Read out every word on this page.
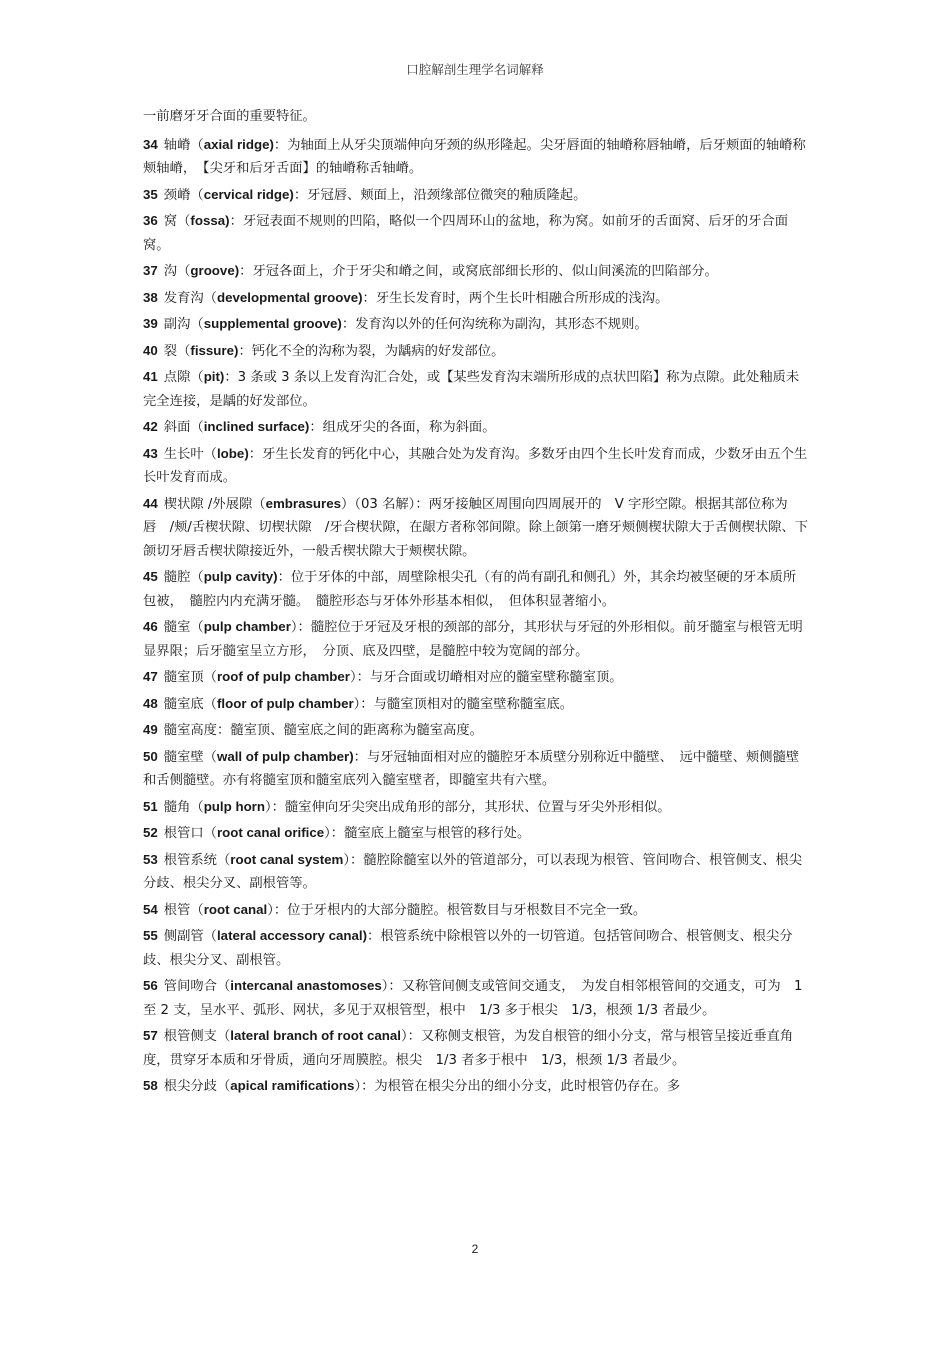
口腔解剖生理学名词解释
一前磨牙牙合面的重要特征。
34 轴嵴（axial ridge)：为轴面上从牙尖顶端伸向牙颈的纵形隆起。尖牙唇面的轴嵴称唇轴嵴，后牙颊面的轴嵴称颊轴嵴，　【尖牙和后牙舌面】的轴嵴称舌轴嵴。
35 颈嵴（cervical ridge)：牙冠唇、颊面上，沿颈缘部位微突的釉质隆起。
36 窝（fossa)：牙冠表面不规则的凹陷，略似一个四周环山的盆地，称为窝。如前牙的舌面窝、后牙的牙合面窝。
37 沟（groove)：牙冠各面上，介于牙尖和嵴之间，或窝底部细长形的、似山间溪流的凹陷部分。
38 发育沟（developmental groove)：牙生长发育时，两个生长叶相融合所形成的浅沟。
39 副沟（supplemental groove)：发育沟以外的任何沟统称为副沟，其形态不规则。
40 裂（fissure)：钙化不全的沟称为裂，为龋病的好发部位。
41 点隙（pit)：3 条或 3 条以上发育沟汇合处，或【某些发育沟末端所形成的点状凹陷】称为点隙。此处釉质未完全连接，是龋的好发部位。
42 斜面（inclined surface)：组成牙尖的各面，称为斜面。
43 生长叶（lobe)：牙生长发育的钙化中心，其融合处为发育沟。多数牙由四个生长叶发育而成，少数牙由五个生长叶发育而成。
44 楔状隙 /外展隙（embrasures）（03 名解）：两牙接触区周围向四周展开的　V 字形空隙。根据其部位称为唇　/颊/舌楔状隙、切楔状隙　/牙合楔状隙，在龈方者称邻间隙。除上颌第一磨牙颊侧楔状隙大于舌侧楔状隙、下颌切牙唇舌楔状隙接近外，一般舌楔状隙大于颊楔状隙。
45 髓腔（pulp cavity)：位于牙体的中部，周壁除根尖孔（有的尚有副孔和侧孔）外，其余均被坚硬的牙本质所包被，　髓腔内内充满牙髓。　髓腔形态与牙体外形基本相似，　但体积显著缩小。
46 髓室（pulp chamber）：髓腔位于牙冠及牙根的颈部的部分，其形状与牙冠的外形相似。前牙髓室与根管无明显界限；后牙髓室呈立方形，　分顶、底及四壁，是髓腔中较为宽阔的部分。
47 髓室顶（roof of pulp chamber）：与牙合面或切嵴相对应的髓室壁称髓室顶。
48 髓室底（floor of pulp chamber）：与髓室顶相对的髓室壁称髓室底。
49 髓室高度：髓室顶、髓室底之间的距离称为髓室高度。
50 髓室壁（wall of pulp chamber)：与牙冠轴面相对应的髓腔牙本质壁分别称近中髓壁、　远中髓壁、颊侧髓壁和舌侧髓壁。亦有将髓室顶和髓室底列入髓室壁者，即髓室共有六壁。
51 髓角（pulp horn）：髓室伸向牙尖突出成角形的部分，其形状、位置与牙尖外形相似。
52 根管口（root canal orifice）：髓室底上髓室与根管的移行处。
53 根管系统（root canal system）：髓腔除髓室以外的管道部分，可以表现为根管、管间吻合、根管侧支、根尖分歧、根尖分叉、副根管等。
54 根管（root canal）：位于牙根内的大部分髓腔。根管数目与牙根数目不完全一致。
55 侧副管（lateral accessory canal)：根管系统中除根管以外的一切管道。包括管间吻合、根管侧支、根尖分歧、根尖分叉、副根管。
56 管间吻合（intercanal anastomoses）：又称管间侧支或管间交通支，　为发自相邻根管间的交通支，可为　1 至 2 支，呈水平、弧形、网状，多见于双根管型，根中　1/3 多于根尖　1/3，根颈 1/3 者最少。
57 根管侧支（lateral branch of root canal）：又称侧支根管，为发自根管的细小分支，常与根管呈接近垂直角度，贯穿牙本质和牙骨质，通向牙周膜腔。根尖　1/3 者多于根中　1/3，根颈 1/3 者最少。
58 根尖分歧（apical ramifications）：为根管在根尖分出的细小分支，此时根管仍存在。多
2
